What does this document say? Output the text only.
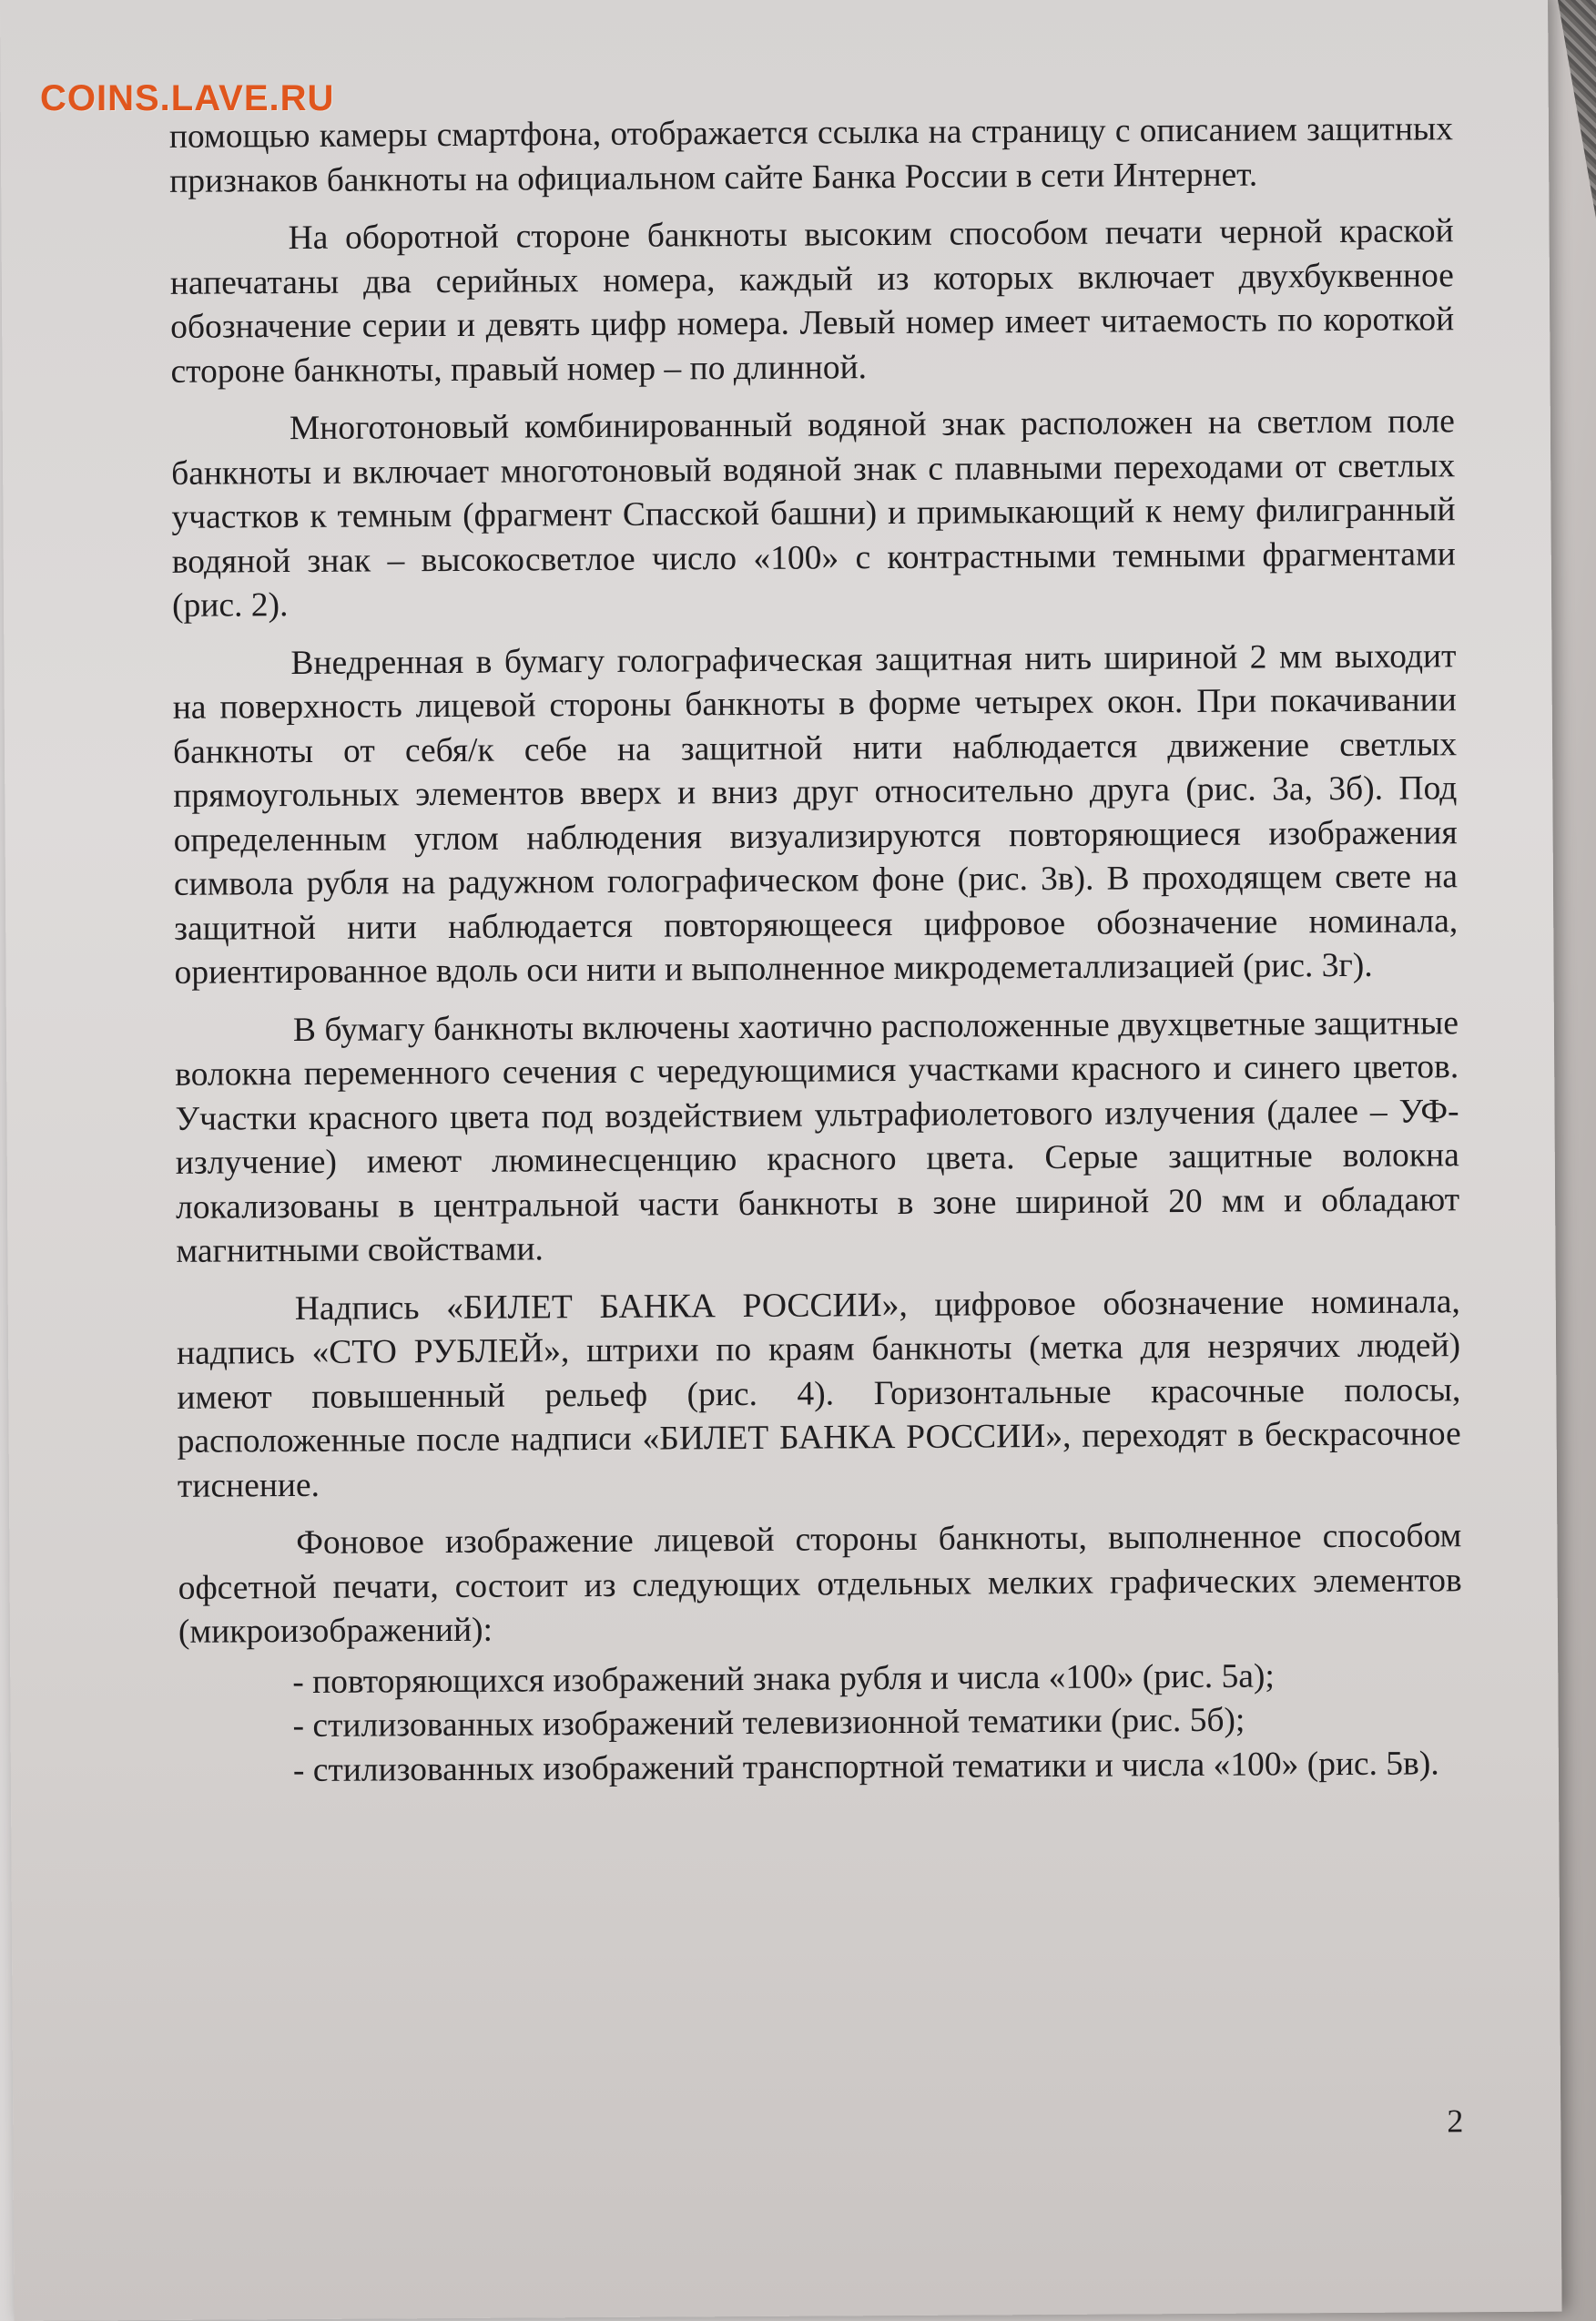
помощью камеры смартфона, отображается ссылка на страницу с описанием защитных признаков банкноты на официальном сайте Банка России в сети Интернет.

На оборотной стороне банкноты высоким способом печати черной краской напечатаны два серийных номера, каждый из которых включает двухбуквенное обозначение серии и девять цифр номера. Левый номер имеет читаемость по короткой стороне банкноты, правый номер – по длинной.

Многотоновый комбинированный водяной знак расположен на светлом поле банкноты и включает многотоновый водяной знак с плавными переходами от светлых участков к темным (фрагмент Спасской башни) и примыкающий к нему филигранный водяной знак – высокосветлое число «100» с контрастными темными фрагментами (рис. 2).

Внедренная в бумагу голографическая защитная нить шириной 2 мм выходит на поверхность лицевой стороны банкноты в форме четырех окон. При покачивании банкноты от себя/к себе на защитной нити наблюдается движение светлых прямоугольных элементов вверх и вниз друг относительно друга (рис. 3а, 3б). Под определенным углом наблюдения визуализируются повторяющиеся изображения символа рубля на радужном голографическом фоне (рис. 3в). В проходящем свете на защитной нити наблюдается повторяющееся цифровое обозначение номинала, ориентированное вдоль оси нити и выполненное микродеметаллизацией (рис. 3г).

В бумагу банкноты включены хаотично расположенные двухцветные защитные волокна переменного сечения с чередующимися участками красного и синего цветов. Участки красного цвета под воздействием ультрафиолетового излучения (далее – УФ-излучение) имеют люминесценцию красного цвета. Серые защитные волокна локализованы в центральной части банкноты в зоне шириной 20 мм и обладают магнитными свойствами.

Надпись «БИЛЕТ БАНКА РОССИИ», цифровое обозначение номинала, надпись «СТО РУБЛЕЙ», штрихи по краям банкноты (метка для незрячих людей) имеют повышенный рельеф (рис. 4). Горизонтальные красочные полосы, расположенные после надписи «БИЛЕТ БАНКА РОССИИ», переходят в бескрасочное тиснение.

Фоновое изображение лицевой стороны банкноты, выполненное способом офсетной печати, состоит из следующих отдельных мелких графических элементов (микроизображений):

- повторяющихся изображений знака рубля и числа «100» (рис. 5а);
- стилизованных изображений телевизионной тематики (рис. 5б);
- стилизованных изображений транспортной тематики и числа «100» (рис. 5в).
2
COINS.LAVE.RU
